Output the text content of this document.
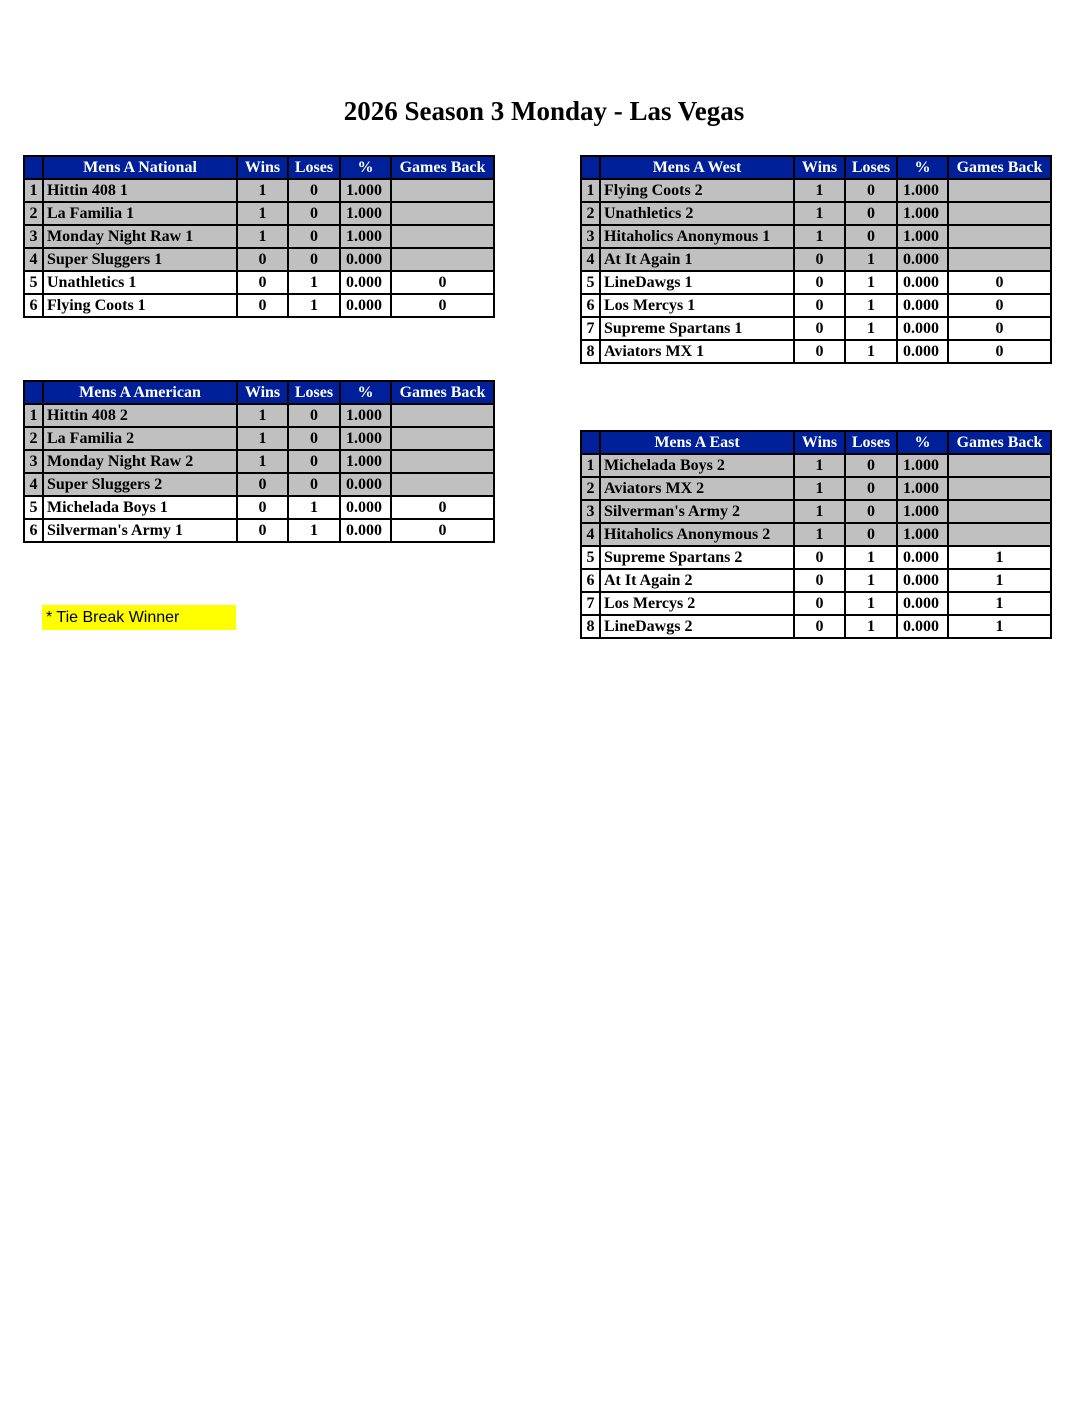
2026 Season 3 Monday - Las Vegas
	Mens A National	Wins	Loses	%	Games Back
1	Hittin 408 1	1	0	1.000	
2	La Familia 1	1	0	1.000	
3	Monday Night Raw 1	1	0	1.000	
4	Super Sluggers 1	0	0	0.000	
5	Unathletics 1	0	1	0.000	0
6	Flying Coots 1	0	1	0.000	0
	Mens A American	Wins	Loses	%	Games Back
1	Hittin 408 2	1	0	1.000	
2	La Familia 2	1	0	1.000	
3	Monday Night Raw 2	1	0	1.000	
4	Super Sluggers 2	0	0	0.000	
5	Michelada Boys 1	0	1	0.000	0
6	Silverman's Army 1	0	1	0.000	0
	Mens A West	Wins	Loses	%	Games Back
1	Flying Coots 2	1	0	1.000	
2	Unathletics 2	1	0	1.000	
3	Hitaholics Anonymous 1	1	0	1.000	
4	At It Again 1	0	1	0.000	
5	LineDawgs 1	0	1	0.000	0
6	Los Mercys 1	0	1	0.000	0
7	Supreme Spartans 1	0	1	0.000	0
8	Aviators MX 1	0	1	0.000	0
	Mens A East	Wins	Loses	%	Games Back
1	Michelada Boys 2	1	0	1.000	
2	Aviators MX 2	1	0	1.000	
3	Silverman's Army 2	1	0	1.000	
4	Hitaholics Anonymous 2	1	0	1.000	
5	Supreme Spartans 2	0	1	0.000	1
6	At It Again 2	0	1	0.000	1
7	Los Mercys 2	0	1	0.000	1
8	LineDawgs 2	0	1	0.000	1
* Tie Break Winner
